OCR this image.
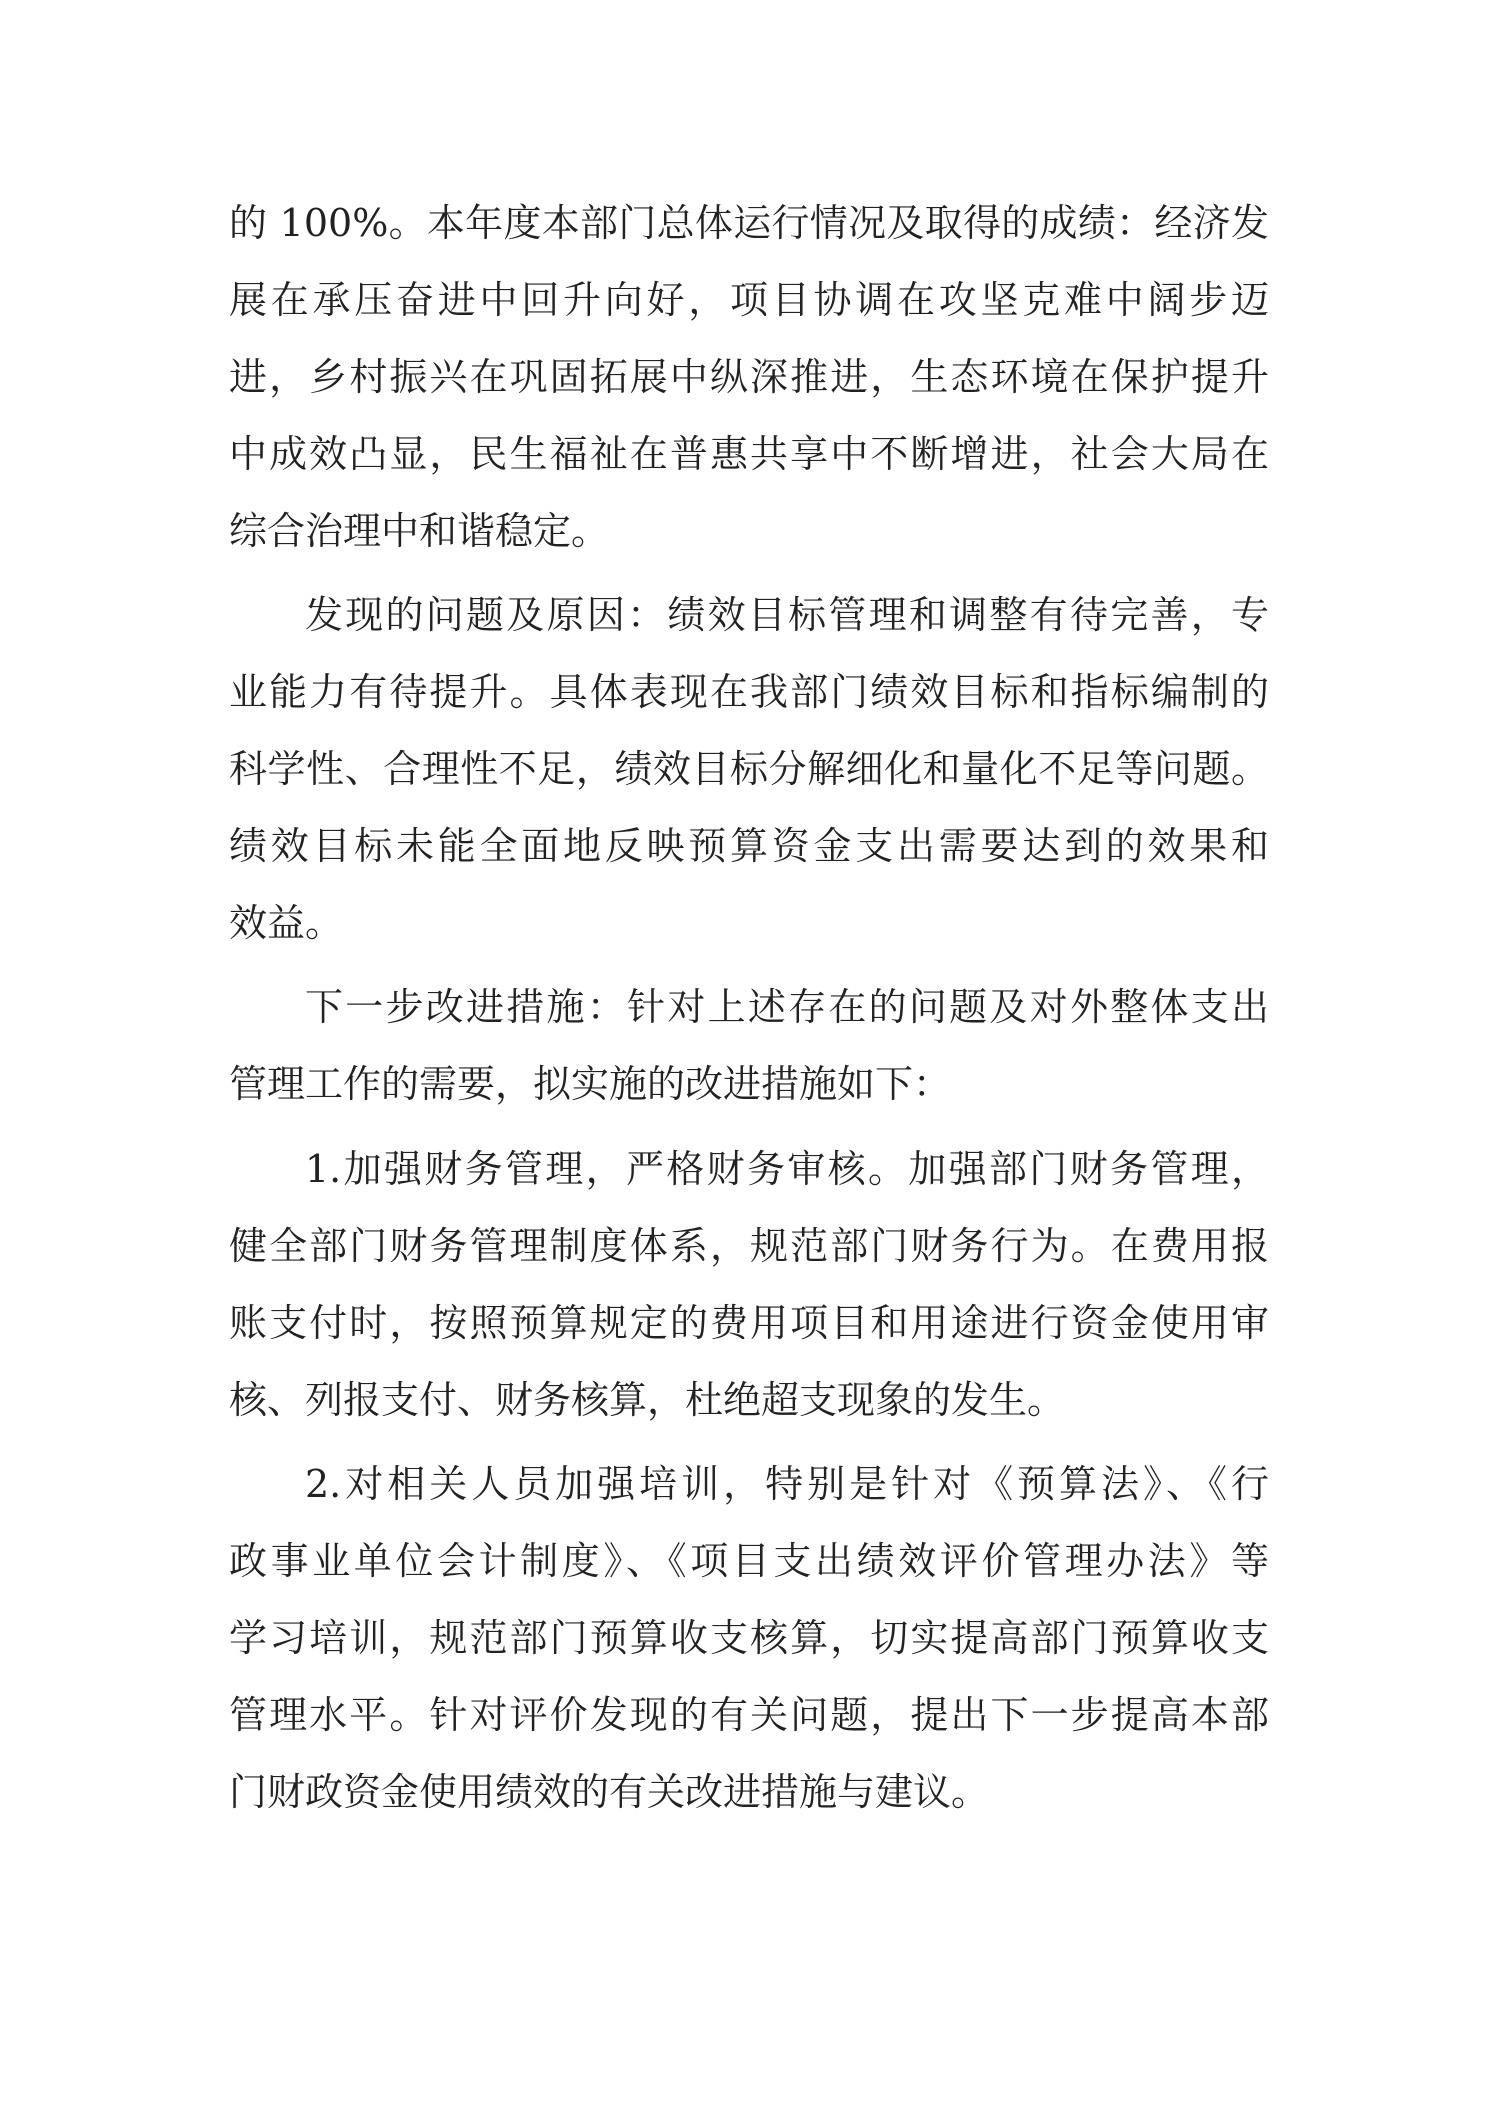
的 100%。本年度本部门总体运行情况及取得的成绩：经济发
展在承压奋进中回升向好，项目协调在攻坚克难中阔步迈
进，乡村振兴在巩固拓展中纵深推进，生态环境在保护提升
中成效凸显，民生福祉在普惠共享中不断增进，社会大局在
综合治理中和谐稳定。
发现的问题及原因：绩效目标管理和调整有待完善，专
业能力有待提升。具体表现在我部门绩效目标和指标编制的
科学性、合理性不足，绩效目标分解细化和量化不足等问题。
绩效目标未能全面地反映预算资金支出需要达到的效果和
效益。
下一步改进措施：针对上述存在的问题及对外整体支出
管理工作的需要，拟实施的改进措施如下：
1.加强财务管理，严格财务审核。加强部门财务管理，
健全部门财务管理制度体系，规范部门财务行为。在费用报
账支付时，按照预算规定的费用项目和用途进行资金使用审
核、列报支付、财务核算，杜绝超支现象的发生。
2.对相关人员加强培训，特别是针对《预算法》、《行
政事业单位会计制度》、《项目支出绩效评价管理办法》等
学习培训，规范部门预算收支核算，切实提高部门预算收支
管理水平。针对评价发现的有关问题，提出下一步提高本部
门财政资金使用绩效的有关改进措施与建议。
